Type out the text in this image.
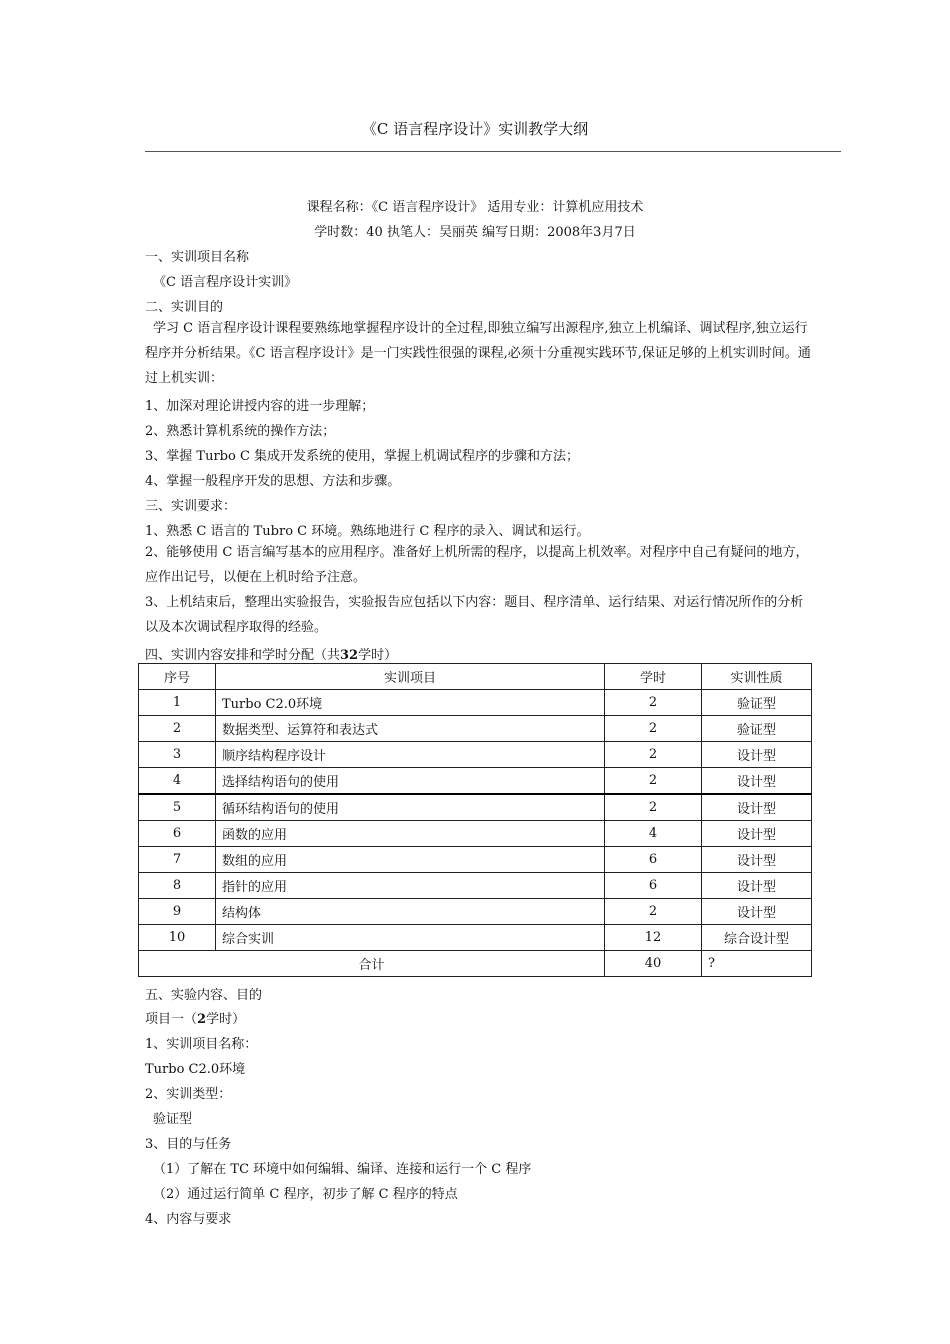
《C 语言程序设计》实训教学大纲
课程名称：《C 语言程序设计》 适用专业：计算机应用技术
学时数：40 执笔人：吴丽英 编写日期：2008年3月7日
一、实训项目名称
《C 语言程序设计实训》
二、实训目的
学习 C 语言程序设计课程要熟练地掌握程序设计的全过程,即独立编写出源程序,独立上机编译、调试程序,独立运行程序并分析结果。《C 语言程序设计》是一门实践性很强的课程,必须十分重视实践环节,保证足够的上机实训时间。通过上机实训：
1、加深对理论讲授内容的进一步理解；
2、熟悉计算机系统的操作方法；
3、掌握 Turbo C 集成开发系统的使用，掌握上机调试程序的步骤和方法；
4、掌握一般程序开发的思想、方法和步骤。
三、实训要求：
1、熟悉 C 语言的 Tubro C 环境。熟练地进行 C 程序的录入、调试和运行。
2、能够使用 C 语言编写基本的应用程序。准备好上机所需的程序，以提高上机效率。对程序中自己有疑问的地方，应作出记号，以便在上机时给予注意。
3、上机结束后，整理出实验报告，实验报告应包括以下内容：题目、程序清单、运行结果、对运行情况所作的分析以及本次调试程序取得的经验。
四、实训内容安排和学时分配（共32学时）
序号	实训项目	学时	实训性质
1	Turbo C2.0环境	2	验证型
2	数据类型、运算符和表达式	2	验证型
3	顺序结构程序设计	2	设计型
4	选择结构语句的使用	2	设计型
5	循环结构语句的使用	2	设计型
6	函数的应用	4	设计型
7	数组的应用	6	设计型
8	指针的应用	6	设计型
9	结构体	2	设计型
10	综合实训	12	综合设计型
合计		40	?
五、实验内容、目的
项目一（2学时）
1、实训项目名称：
Turbo C2.0环境
2、实训类型：
验证型
3、目的与任务
（1）了解在 TC 环境中如何编辑、编译、连接和运行一个 C 程序
（2）通过运行简单 C 程序，初步了解 C 程序的特点
4、内容与要求
